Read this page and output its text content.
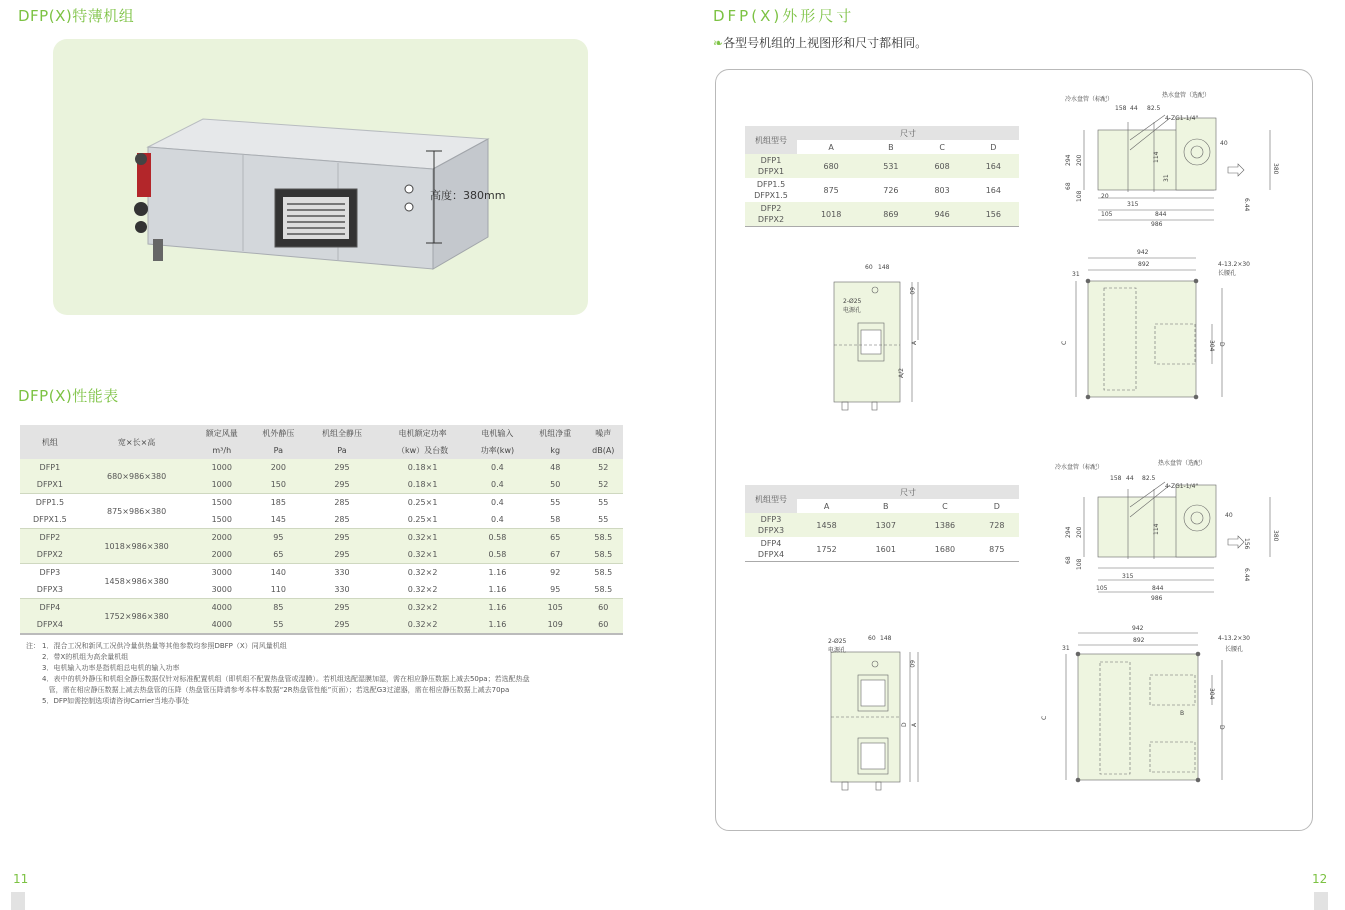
DFP(X)特薄机组
高度：380mm
DFP(X)性能表
机组	宽×长×高	额定风量	机外静压	机组全静压	电机额定功率	电机输入	机组净重	噪声
		m³/h	Pa	Pa	（kw）及台数	功率(kw)	kg	dB(A)
DFP1	680×986×380	1000	200	295	0.18×1	0.4	48	52
DFPX1		1000	150	295	0.18×1	0.4	50	52
DFP1.5	875×986×380	1500	185	285	0.25×1	0.4	55	55
DFPX1.5		1500	145	285	0.25×1	0.4	58	55
DFP2	1018×986×380	2000	95	295	0.32×1	0.58	65	58.5
DFPX2		2000	65	295	0.32×1	0.58	67	58.5
DFP3	1458×986×380	3000	140	330	0.32×2	1.16	92	58.5
DFPX3		3000	110	330	0.32×2	1.16	95	58.5
DFP4	1752×986×380	4000	85	295	0.32×2	1.16	105	60
DFPX4		4000	55	295	0.32×2	1.16	109	60
注： 1．混合工况和新风工况供冷量供热量等其他参数均参照DBFP（X）同风量机组
2．带X的机组为高余量机组
3．电机输入功率是指机组总电机的输入功率
4．表中的机外静压和机组全静压数据仅针对标准配置机组（即机组不配置热盘管或湿膜）。若机组选配湿膜加湿，需在相应静压数据上减去50pa；若选配热盘
管，需在相应静压数据上减去热盘管的压降（热盘管压降请参考本样本数据“2R热盘管性能”页面）；若选配G3过滤器，需在相应静压数据上减去70pa
5．DFP如需控制选项请咨询Carrier当地办事处
11
DFP(X)外形尺寸
❧各型号机组的上视图形和尺寸都相同。
机组型号	尺寸			
	A	B	C	D

DFP1
DFPX1	680	531	608	164

DFP1.5
DFPX1.5	875	726	803	164

DFP2
DFPX2	1018	869	946	156
机组型号	尺寸			
	A	B	C	D

DFP3
DFPX3	1458	1307	1386	728

DFP4
DFPX4	1752	1601	1680	875
冷水盘管（标配）
热水盘管（选配）
4-ZG1-1/4"
158 44 82.5
40
380
294 200	114
31
68
108	20
315
105	844
986
6.44
60 148
2-Ø25
电源孔
60
A
A/2
942
892
31
4-13.2×30
长腰孔
C	304 D
冷水盘管（标配）
热水盘管（选配）
4-ZG1-1/4"
158 44 82.5
40
380
294 200	114
68 108
315
105	844
986
156
6.44
60 148
2-Ø25
电源孔
60
D A
942
892
31
4-13.2×30
长腰孔
C
304
D
B
12
